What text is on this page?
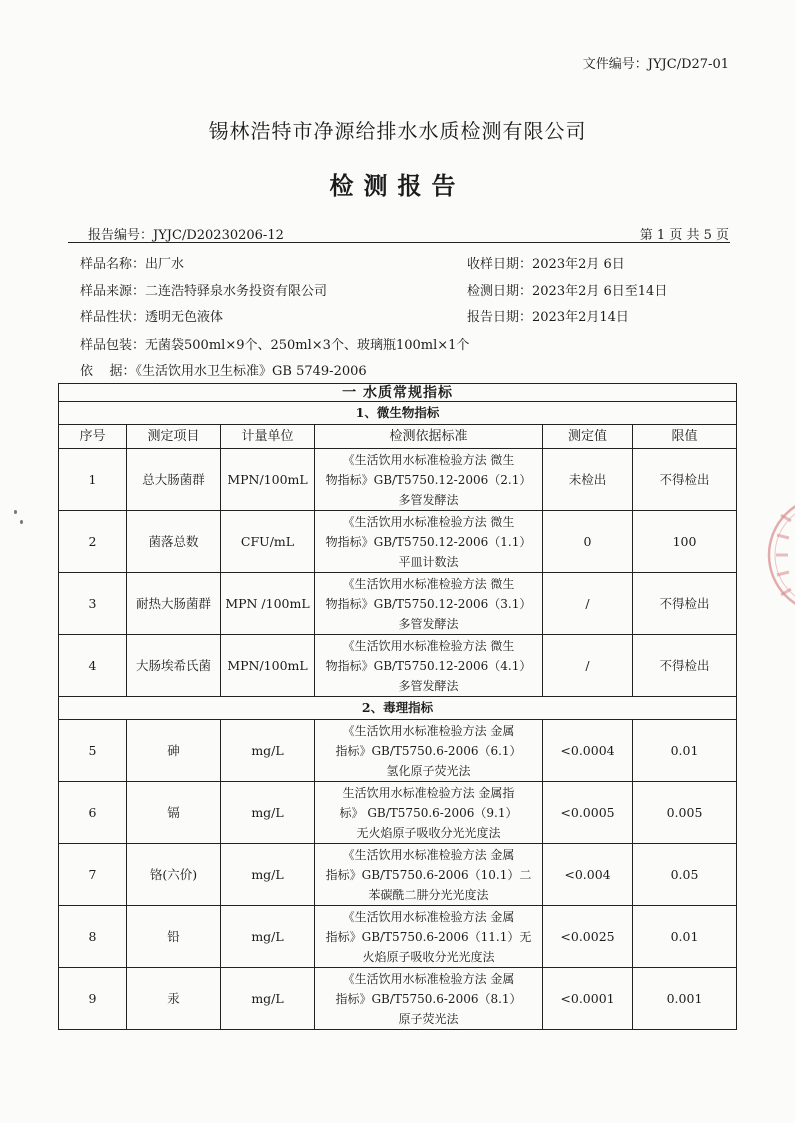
文件编号：JYJC/D27-01
锡林浩特市净源给排水水质检测有限公司
检测报告
报告编号：JYJC/D20230206-12	第 1 页 共 5 页
样品名称：出厂水	收样日期：2023年2月 6日
样品来源：二连浩特驿泉水务投资有限公司	检测日期：2023年2月 6日至14日
样品性状：透明无色液体	报告日期：2023年2月14日
样品包装：无菌袋500ml×9个、250ml×3个、玻璃瓶100ml×1个
依    据：《生活饮用水卫生标准》GB 5749-2006
一 水质常规指标					
1、微生物指标					
序号	测定项目	计量单位	检测依据标准	测定值	限值
1	总大肠菌群	MPN/100mL	《生活饮用水标准检验方法 微生
物指标》GB/T5750.12-2006（2.1）
多管发酵法	未检出	不得检出
2	菌落总数	CFU/mL	《生活饮用水标准检验方法 微生
物指标》GB/T5750.12-2006（1.1）
平皿计数法	0	100
3	耐热大肠菌群	MPN /100mL	《生活饮用水标准检验方法 微生
物指标》GB/T5750.12-2006（3.1）
多管发酵法	/	不得检出
4	大肠埃希氏菌	MPN/100mL	《生活饮用水标准检验方法 微生
物指标》GB/T5750.12-2006（4.1）
多管发酵法	/	不得检出
2、毒理指标					
5	砷	mg/L	《生活饮用水标准检验方法 金属
指标》GB/T5750.6-2006（6.1）
氢化原子荧光法	<0.0004	0.01
6	镉	mg/L	生活饮用水标准检验方法 金属指
标》 GB/T5750.6-2006（9.1）
无火焰原子吸收分光光度法	<0.0005	0.005
7	铬(六价)	mg/L	《生活饮用水标准检验方法 金属
指标》GB/T5750.6-2006（10.1）二
苯碳酰二肼分光光度法	<0.004	0.05
8	铅	mg/L	《生活饮用水标准检验方法 金属
指标》GB/T5750.6-2006（11.1）无
火焰原子吸收分光光度法	<0.0025	0.01
9	汞	mg/L	《生活饮用水标准检验方法 金属
指标》GB/T5750.6-2006（8.1）
原子荧光法	<0.0001	0.001
